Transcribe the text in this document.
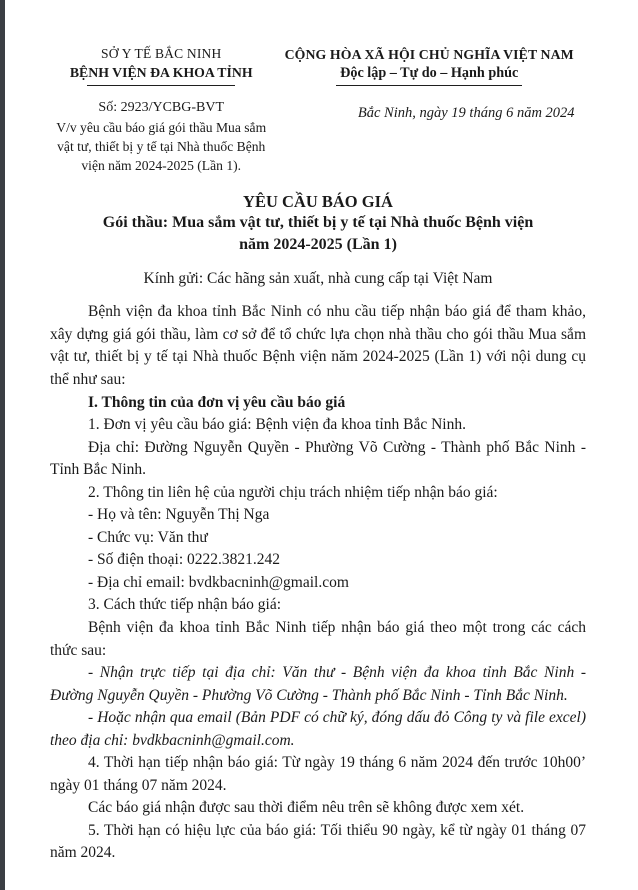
SỞ Y TẾ BẮC NINH
BỆNH VIỆN ĐA KHOA TỈNH
Số: 2923/YCBG-BVT
V/v yêu cầu báo giá gói thầu Mua sắm vật tư, thiết bị y tế tại Nhà thuốc Bệnh viện năm 2024-2025 (Lần 1).
CỘNG HÒA XÃ HỘI CHỦ NGHĨA VIỆT NAM
Độc lập – Tự do – Hạnh phúc
Bắc Ninh, ngày 19 tháng 6 năm 2024
YÊU CẦU BÁO GIÁ
Gói thầu: Mua sắm vật tư, thiết bị y tế tại Nhà thuốc Bệnh viện
năm 2024-2025 (Lần 1)
Kính gửi: Các hãng sản xuất, nhà cung cấp tại Việt Nam

Bệnh viện đa khoa tỉnh Bắc Ninh có nhu cầu tiếp nhận báo giá để tham khảo, xây dựng giá gói thầu, làm cơ sở để tổ chức lựa chọn nhà thầu cho gói thầu Mua sắm vật tư, thiết bị y tế tại Nhà thuốc Bệnh viện năm 2024-2025 (Lần 1) với nội dung cụ thể như sau:

I. Thông tin của đơn vị yêu cầu báo giá

1. Đơn vị yêu cầu báo giá: Bệnh viện đa khoa tỉnh Bắc Ninh.

Địa chỉ: Đường Nguyễn Quyền - Phường Võ Cường - Thành phố Bắc Ninh - Tỉnh Bắc Ninh.

2. Thông tin liên hệ của người chịu trách nhiệm tiếp nhận báo giá:

- Họ và tên: Nguyễn Thị Nga

- Chức vụ: Văn thư

- Số điện thoại: 0222.3821.242

- Địa chỉ email: bvdkbacninh@gmail.com

3. Cách thức tiếp nhận báo giá:

Bệnh viện đa khoa tỉnh Bắc Ninh tiếp nhận báo giá theo một trong các cách thức sau:

- Nhận trực tiếp tại địa chỉ: Văn thư - Bệnh viện đa khoa tỉnh Bắc Ninh - Đường Nguyễn Quyền - Phường Võ Cường - Thành phố Bắc Ninh - Tỉnh Bắc Ninh.

- Hoặc nhận qua email (Bản PDF có chữ ký, đóng dấu đỏ Công ty và file excel) theo địa chỉ: bvdkbacninh@gmail.com.

4. Thời hạn tiếp nhận báo giá: Từ ngày 19 tháng 6 năm 2024 đến trước 10h00’ ngày 01 tháng 07 năm 2024.

Các báo giá nhận được sau thời điểm nêu trên sẽ không được xem xét.

5. Thời hạn có hiệu lực của báo giá: Tối thiểu 90 ngày, kể từ ngày 01 tháng 07 năm 2024.
